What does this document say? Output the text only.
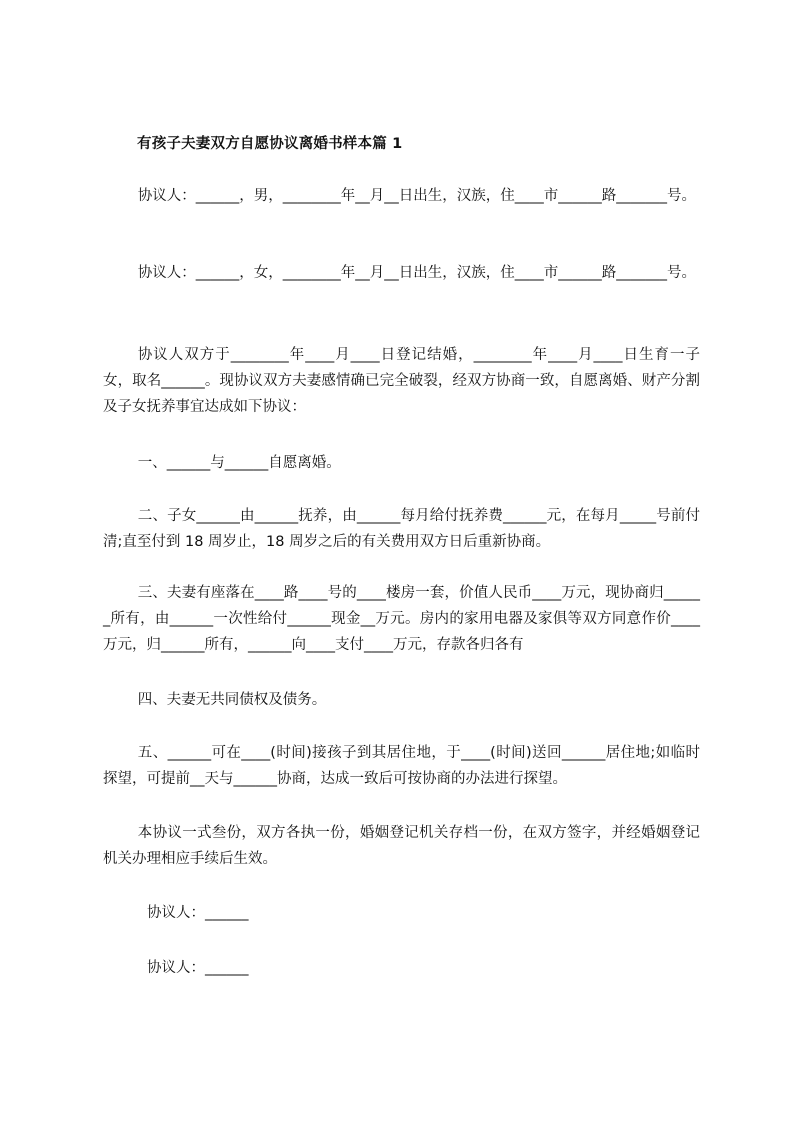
有孩子夫妻双方自愿协议离婚书样本篇 1

协议人：______，男，________年__月__日出生，汉族，住____市______路_______号。

协议人：______，女，________年__月__日出生，汉族，住____市______路_______号。

协议人双方于________年____月____日登记结婚，________年____月____日生育一子女，取名______。现协议双方夫妻感情确已完全破裂，经双方协商一致，自愿离婚、财产分割及子女抚养事宜达成如下协议：

一、______与______自愿离婚。

二、子女______由______抚养，由______每月给付抚养费______元，在每月_____号前付清;直至付到 18 周岁止，18 周岁之后的有关费用双方日后重新协商。

三、夫妻有座落在____路____号的____楼房一套，价值人民币____万元，现协商归______所有，由______一次性给付______现金__万元。房内的家用电器及家俱等双方同意作价____万元，归______所有，______向____支付____万元，存款各归各有

四、夫妻无共同债权及债务。

五、______可在____(时间)接孩子到其居住地，于____(时间)送回______居住地;如临时探望，可提前__天与______协商，达成一致后可按协商的办法进行探望。

本协议一式叁份，双方各执一份，婚姻登记机关存档一份，在双方签字，并经婚姻登记机关办理相应手续后生效。

协议人：______

协议人：______
